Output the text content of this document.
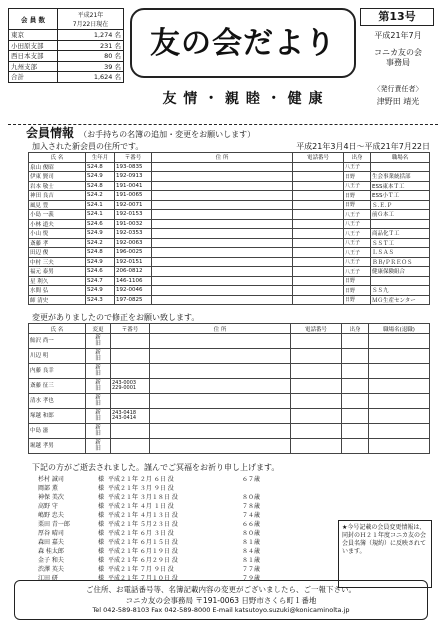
会 員 数	平成21年
7月22日現在
東京	1,274 名
小田原支部	231 名
西日本支部	80 名
九州支部	39 名
合計	1,624 名
友の会だより
友 情 ・ 親 睦 ・ 健 康
第13号
平成21年7月
コニカ友の会
事務局
〈発行責任者〉
津野田 靖光
会員情報 （お手持ちの名簿の追加・変更をお願いします）
加入された新会員の住所です。	平成21年3月4日〜平成21年7月22日
氏 名	生年月	〒番号	住 所	電話番号	出身	職場名
泉山 俊昭	S24.8	193-0835			八王子	
伊東 賢司	S24.9	192-0913			日野	生会事業統括部
岩本 敬士	S24.8	191-0041			八王子	ESS東本Ｔ工
神田 良吉	S24.2	191-0065			日野	ESS小Ｔ工
風見 豊	S24.1	192-0071			日野	Ｓ.Ｅ.Ｐ
小島 一義	S24.1	192-0153			八王子	前Ｇ本工
小林 道夫	S24.6	191-0032			八王子	
小山 悦	S24.9	192-0353			八王子	商品化Ｔ工
斎藤 孝	S24.2	192-0063			八王子	ＳＳＴ工
田辺 俊	S24.8	196-0025			八王子	ＬＳＡＳ
中村 三夫	S24.9	192-0151			八王子	ＢＢ/ＰＲＥＯＳ
福元 泰男	S24.6	206-0812			八王子	健康保険組合
星 利久	S24.7	146-1106			日野	
水間 弘	S24.9	192-0046			日野	ＳＳ九
師 清史	S24.3	197-0825			日野	ＭＧ生産センター
変更がありましたので修正をお願い致します。
氏 名	変更	〒番号	住 所	電話番号	出身	職場名(退職)
鮎沢 尚一	新
旧					
川辺 明	新
旧					
内藤 良幸	新
旧					
斎藤 征三	新
旧	243-0003
229-0001				
清水 孝也	新
旧					
塚越 和郎	新
旧	243-0418
243-0414				
中島 滋	新
旧					
堀越 孝男	新
旧					
下記の方がご逝去されました。謹んでご冥福をお祈り申し上げます。
杉村 誠司	様	平成２１年 ２月 ６日 没	６７歳
岡部 薫	様	平成２１年 ３月 ９日 没	
神保 美次	様	平成２１年 ３月１８日 没	８０歳
高野 守	様	平成２１年 ４月 １日 没	７８歳
嶋野 忠夫	様	平成２１年 ４月１３日 没	７４歳
栗田 青一郎	様	平成２１年 ５月２３日 没	６６歳
厚谷 晴司	様	平成２１年 ６月 ３日 没	８０歳
森田 嘉夫	様	平成２１年 ６月１５日 没	８１歳
森 桂太郎	様	平成２１年 ６月１９日 没	８４歳
金子 和夫	様	平成２１年 ６月２９日 没	８１歳
渋澤 英夫	様	平成２１年 ７月 ９日 没	７７歳
江田 研	様	平成２１年 ７月１０日 没	７９歳
★今号記載の会員変更情報は、同封のＨ２１年度コニカ友の会会員名簿（規約）に反映されています。
ご住所、お電話番号等、名簿記載内容の変更がございましたら、ご一報下さい。
コニカ友の会事務局 〒191-0063 日野市さくら町１番地
Tel 042-589-8103 Fax 042-589-8000 E-mail katsutoyo.suzuki@konicaminolta.jp
